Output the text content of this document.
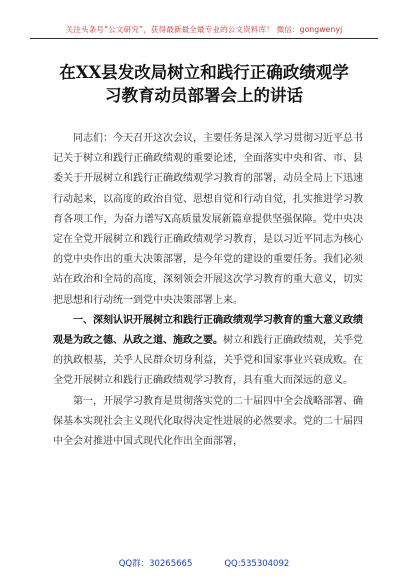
关注头条号“公文研究”，获得最新最全最专业的公文资料库！ 微信：gongwenyj
在XX县发改局树立和践行正确政绩观学
习教育动员部署会上的讲话

同志们：今天召开这次会议，主要任务是深入学习贯彻习近平总书记关于树立和践行正确政绩观的重要论述，全面落实中央和省、市、县委关于开展树立和践行正确政绩观学习教育的部署，动员全局上下迅速行动起来，以高度的政治自觉、思想自觉和行动自觉，扎实推进学习教育各项工作，为奋力谱写X高质量发展新篇章提供坚强保障。党中央决定在全党开展树立和践行正确政绩观学习教育，是以习近平同志为核心的党中央作出的重大决策部署，是今年党的建设的重要任务。我们必须站在政治和全局的高度，深刻领会开展这次学习教育的重大意义，切实把思想和行动统一到党中央决策部署上来。

一、深刻认识开展树立和践行正确政绩观学习教育的重大意义政绩观是为政之德、从政之道、施政之要。树立和践行正确政绩观，关乎党的执政根基，关乎人民群众切身利益，关乎党和国家事业兴衰成败。在全党开展树立和践行正确政绩观学习教育，具有重大而深远的意义。

第一，开展学习教育是贯彻落实党的二十届四中全会战略部署、确保基本实现社会主义现代化取得决定性进展的必然要求。党的二十届四中全会对推进中国式现代化作出全面部署，

QQ群：30265665	QQ:535304092
